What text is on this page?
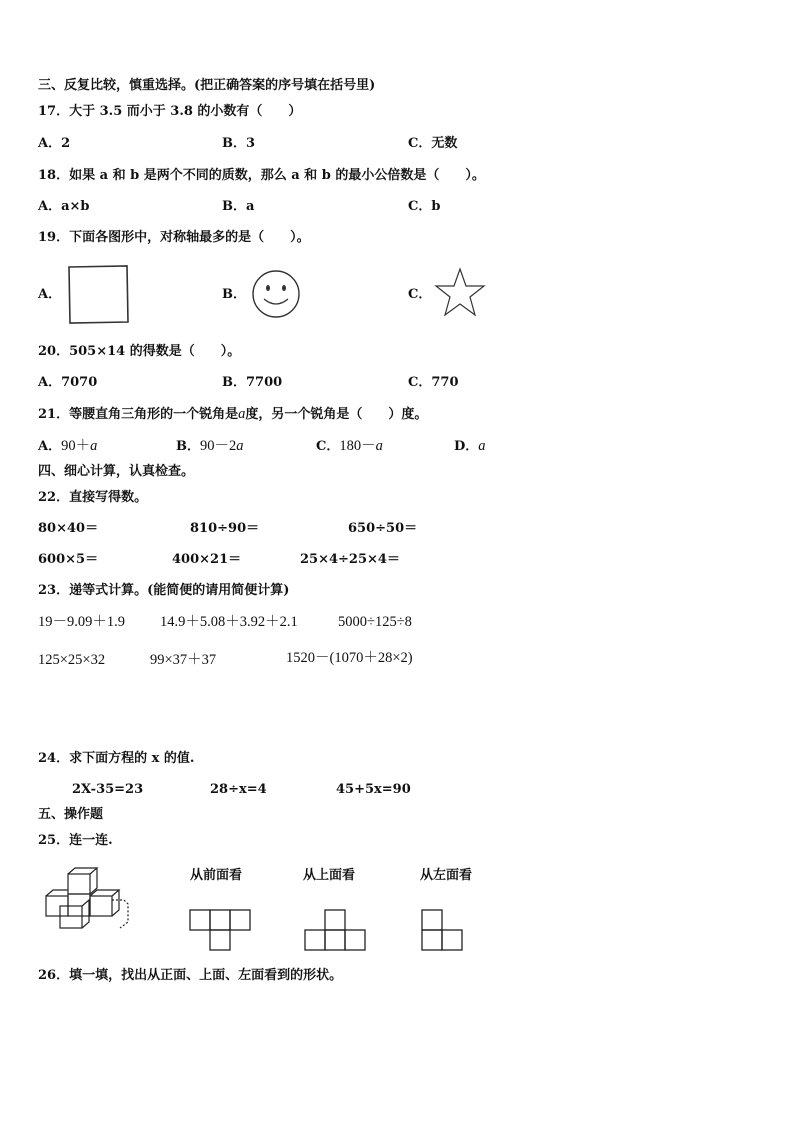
三、反复比较，慎重选择。(把正确答案的序号填在括号里)
17．大于 3.5 而小于 3.8 的小数有（　　）
A．2	B．3	C．无数
18．如果 a 和 b 是两个不同的质数，那么 a 和 b 的最小公倍数是（　　）。
A．a×b	B．a	C．b
19．下面各图形中，对称轴最多的是（　　）。
A．	B．	C．
20．505×14 的得数是（　　）。
A．7070	B．7700	C．770
21．等腰直角三角形的一个锐角是a度，另一个锐角是（　　）度。
A．90＋a	B．90－2a	C．180－a	D．a
四、细心计算，认真检查。
22．直接写得数。
80×40＝	810÷90＝	650÷50＝
600×5＝	400×21＝	25×4÷25×4＝
23．递等式计算。(能简便的请用简便计算)
19－9.09＋1.9 14.9＋5.08＋3.92＋2.1	5000÷125÷8
125×25×32	99×37＋37	1520－(1070＋28×2)
24．求下面方程的 x 的值.
2X-35=23	28÷x=4	45+5x=90
五、操作题
25．连一连.
从前面看	从上面看	从左面看
26．填一填，找出从正面、上面、左面看到的形状。
